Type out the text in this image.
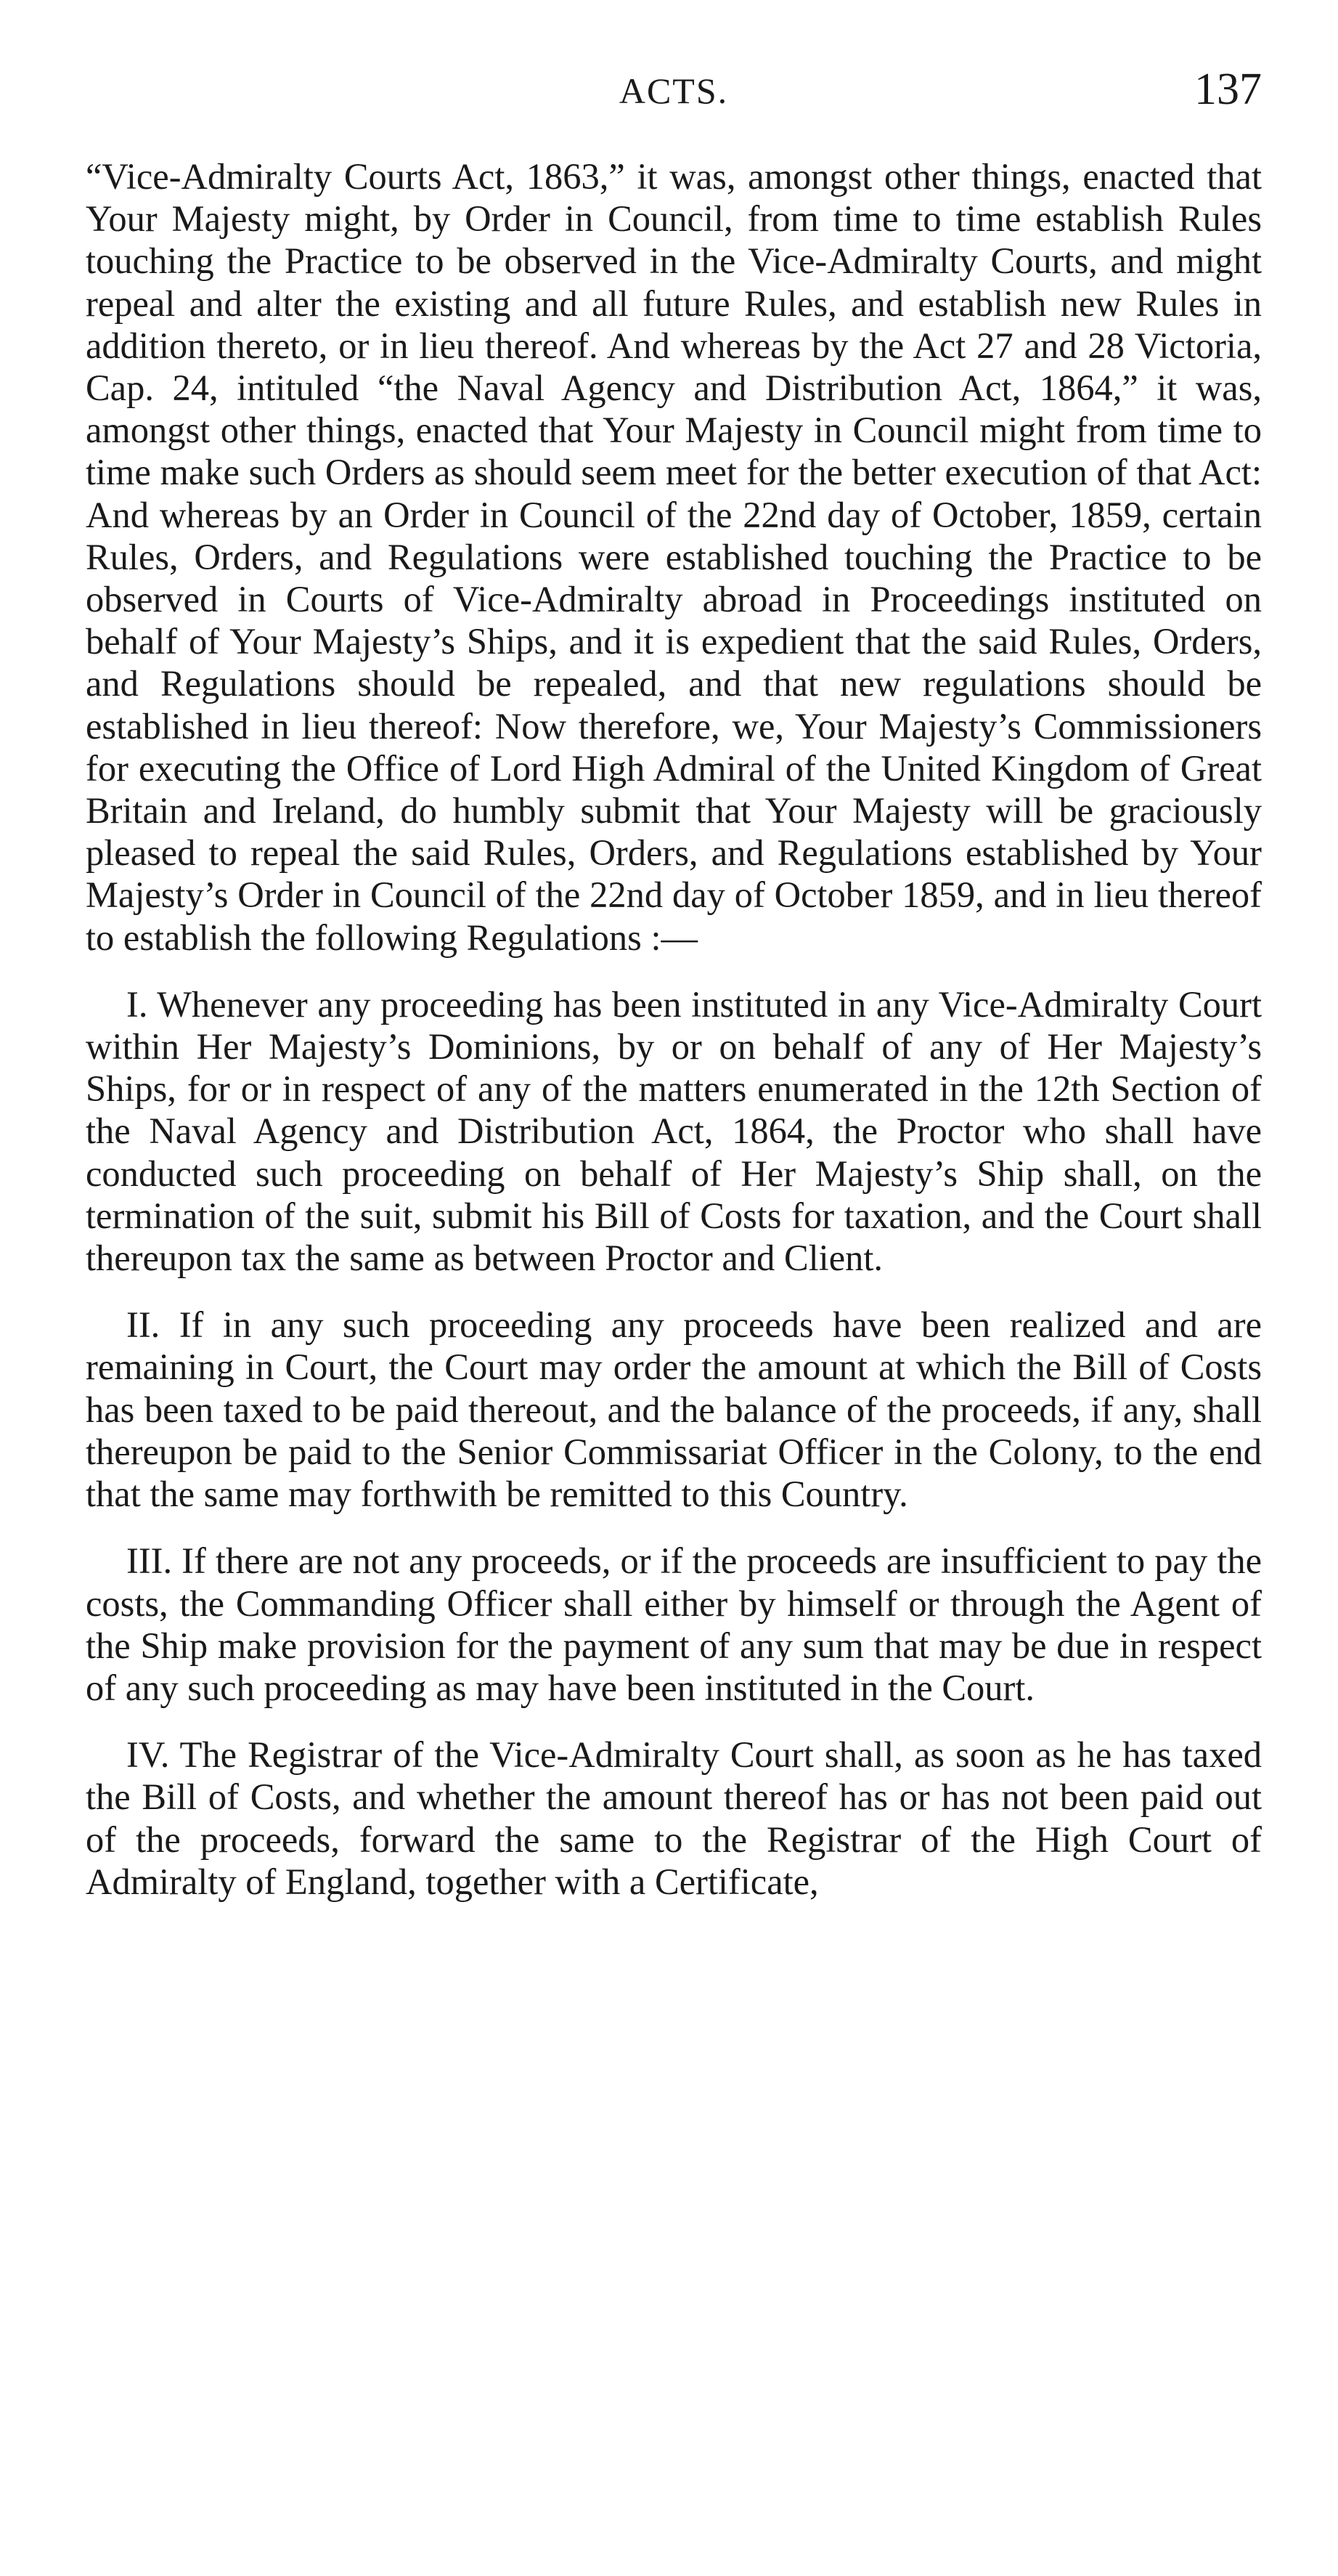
ACTS.	137

“Vice-Admiralty Courts Act, 1863,” it was, amongst other things, enacted that Your Majesty might, by Order in Council, from time to time establish Rules touching the Practice to be observed in the Vice-Admiralty Courts, and might repeal and alter the existing and all future Rules, and establish new Rules in addition thereto, or in lieu thereof. And whereas by the Act 27 and 28 Victoria, Cap. 24, intituled “the Naval Agency and Distribution Act, 1864,” it was, amongst other things, enacted that Your Majesty in Council might from time to time make such Orders as should seem meet for the better execution of that Act: And whereas by an Order in Council of the 22nd day of October, 1859, certain Rules, Orders, and Regulations were established touching the Practice to be observed in Courts of Vice-Admiralty abroad in Proceedings instituted on behalf of Your Majesty’s Ships, and it is expedient that the said Rules, Orders, and Regulations should be repealed, and that new regulations should be established in lieu thereof: Now therefore, we, Your Majesty’s Commissioners for executing the Office of Lord High Admiral of the United Kingdom of Great Britain and Ireland, do humbly submit that Your Majesty will be graciously pleased to repeal the said Rules, Orders, and Regulations established by Your Majesty’s Order in Council of the 22nd day of October 1859, and in lieu thereof to establish the following Regulations :—

I. Whenever any proceeding has been instituted in any Vice-Admiralty Court within Her Majesty’s Dominions, by or on behalf of any of Her Majesty’s Ships, for or in respect of any of the matters enumerated in the 12th Section of the Naval Agency and Distribution Act, 1864, the Proctor who shall have conducted such proceeding on behalf of Her Majesty’s Ship shall, on the termination of the suit, submit his Bill of Costs for taxation, and the Court shall thereupon tax the same as between Proctor and Client.

II. If in any such proceeding any proceeds have been realized and are remaining in Court, the Court may order the amount at which the Bill of Costs has been taxed to be paid thereout, and the balance of the proceeds, if any, shall thereupon be paid to the Senior Commissariat Officer in the Colony, to the end that the same may forthwith be remitted to this Country.

III. If there are not any proceeds, or if the proceeds are insufficient to pay the costs, the Commanding Officer shall either by himself or through the Agent of the Ship make provision for the payment of any sum that may be due in respect of any such proceeding as may have been instituted in the Court.

IV. The Registrar of the Vice-Admiralty Court shall, as soon as he has taxed the Bill of Costs, and whether the amount thereof has or has not been paid out of the proceeds, forward the same to the Registrar of the High Court of Admiralty of England, together with a Certificate,
